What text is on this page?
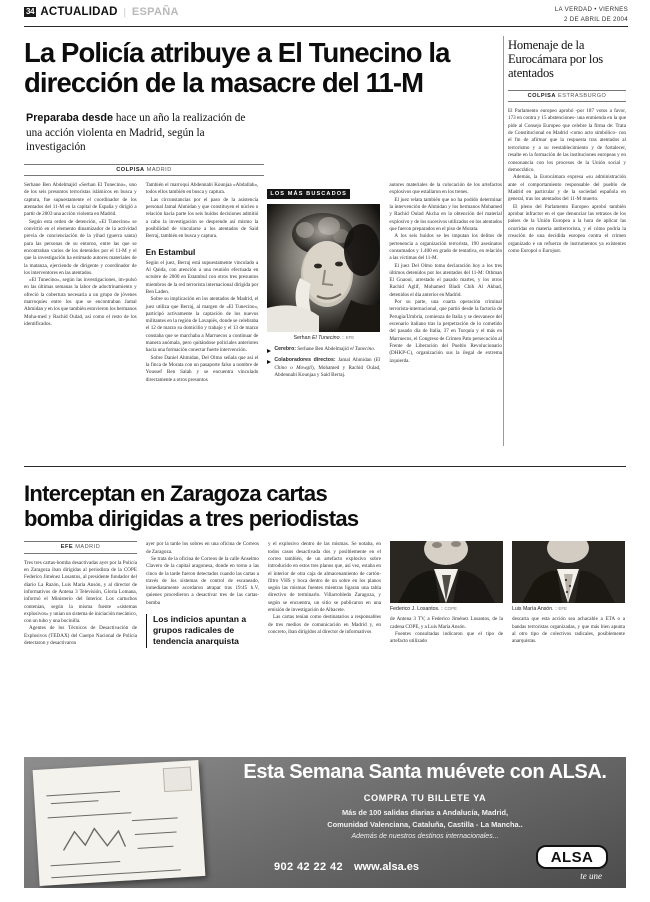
34 ACTUALIDAD | ESPAÑA	LA VERDAD • VIERNES
2 DE ABRIL DE 2004
La Policía atribuye a El Tunecino la dirección de la masacre del 11-M
Preparaba desde hace un año la realización de una acción violenta en Madrid, según la investigación
COLPISA MADRID

Serhane Ben Abdelmajid «Serhan El Tunecino», uno de los seis presuntos terroristas islámicos en busca y captura, fue supuestamente el coordinador de los atentados del 11-M en la capital de España y dirigió a partir de 2003 una acción violenta en Madrid.

Según esta orden de detención, «El Tunecino» se convirtió en el elemento dinamizador de la actividad previa de concienciación de la yihad (guerra santa) para las personas de su entorno, entre las que se encontraban varios de los detenidos por el 11-M y el que la investigación ha estimado autores materiales de la matanza, ejerciendo de dirigente y coordinador de los interventores en las atentados.

«El Tunecino», según las investigaciones, im-pulsó en las últimas semanas la labor de adoctrinamiento y ofreció la cobertura necesaria a un grupo de jóvenes marroquíes entre los que se encontraban Jamal Ahmidan y en los que también estuvieron los hermanos Moha-med y Rachid Oulad, así como el resto de los identificados.

También el marroquí Abdennabi Kounjaa «Abdallah», todos ellos también en busca y captura.

Las circunstancias por el paso de la asistencia personal Jamal Ahmidan y que constituyen el núcleo o relación hacia parte los seis huidos decisiones admitió a cabo la investigación se desprende así mismo la posibilidad de vincularse a los atentados de Said Berraj, también en busca y captura.

En Estambul

Según el juez, Berraj está supuestamente vinculado a Al Qaida, con atención a una reunión efectuada en octubre de 2000 en Estambul con otros tres presuntos miembros de la red terrorista internacional dirigida por Ben Laden.

Sobre su implicación en los atentados de Madrid, el juez utiliza que Berraj, al margen de «El Tunecino», participó activamente la captación de los nuevos militantes en la región de Lavapiés, donde se celebraba el 12 de marzo su domicilio y trabajo y el 13 de marzo constaba que se marchaba a Marruecos a continuar de manera anómala, pero quitándose policiales anteriores hacia una formación conectar fuerte intervención.

Sobre Daniel Ahmidan, Del Olmo señala que así el la finca de Morata con un pasaporte falso a nombre de Youssef Ben Salah y se encuentra vinculado directamente a otros presuntos

LOS MÁS BUSCADOS
Serhan El Tunecino. :: EFE
Cerebro: Serhane Ben Abdelmajid el Tunecino.
Colaboradores directos: Jamal Ahmidan (El Chino o Mowgli), Mohamed y Rachid Oulad, Abdennabi Kounjaa y Said Berraj.

autores materiales de la colocación de los artefactos explosivos que estallaron en los trenes.

El juez relata también que no ha podido determinar la intervención de Ahmidan y los hermanos Mohamed y Rachid Oulad Akcha en la obtención del material explosivo y de los sucesivos utilizados en los atentados que fueron preparados en el piso de Morata.

A los seis huidos se les imputan los delitos de pertenencia a organización terrorista, 190 asesinatos consumados y 1.400 en grado de tentativa, en relación a las víctimas del 11-M.

El juez Del Olmo toma declaración hoy a los tres últimos detenidos por los atentados del 11-M: Othman El Gnaoui, arrestado el pasado martes, y los otros Rachid Aglif, Mohamed Bladi Chih Al Akbad, detenidos el día anterior en Madrid.

Por su parte, una cuarta operación criminal terrorista-internacional, que partió desde la factoría de Perugia/Umbría, comienza de Italia y se desvanece del escenario italiano tras la perpetración de lo cometido del pasado día de Italia, 37 en Turquía y el más en Marruecos, el Congreso de Crimen Pato persecución al Frente de Liberación del Pueblo Revolucionario (DHKP-C), organización sus la ilegal de extrema izquierda.

Homenaje de la Eurocámara por los atentados
COLPISA ESTRASBURGO

El Parlamento europeo aprobó -por 187 votos a favor, 173 en contra y 15 abstenciones- una enmienda en la que pide al Consejo Europeo que celebre la firma de: Trata de Constitucional en Madrid -como acto simbólico- con el fin de afirmar que la respuesta tras atentados al terrorismo y a su reestablecimiento y de fortalecer, resalte en la formación de las instituciones europeas y en consonancia con los procesos de la Unión social y democrático.

Además, la Eurocámara expresa «su administración ante el comportamiento responsable del pueblo de Madrid en particular y de la sociedad española en general, tras los atentados del 11-M muerto.

El pleno del Parlamento Europeo aprobó también aprobar infractor en el que denunciar las retrasos de los países de la Unión Europea a la hora de aplicar las ocurridas en materia antiterrorista, y el cómo podría la creación de una decidida europea contra el crimen organizado e un refuerzo de instrumentos ya existentes como Europol o Eurojust.

Interceptan en Zaragoza cartas bomba dirigidas a tres periodistas
EFE MADRID

Tres tres cartas-bomba desactivadas ayer por la Policía en Zaragoza iban dirigidas al periodista de la COPE Federico Jiménez Losantos, al presidente fundador del diario La Razón, Luis María Ansón, y al director de informativos de Antena 3 Televisión, Gloria Lomana, informó el Ministerio del Interior. Los cartuchos contenían, según la misma fuente «sistemas explosivos» y unían un sistema de iniciación mecánico, con un tubo y una bocinilla.

Agentes de los Técnicos de Desactivación de Explosivos (TEDAX) del Cuerpo Nacional de Policía detectaron y desactivaron

ayer por la tarde los sobres en una oficina de Correos de Zaragoza.

Se trata de la oficina de Correos de la calle Anselmo Clavero de la capital aragonesa, donde en torno a las cinco de la tarde fueron detectados cuando las cartas a través de los sistemas de control de escaneado, inmediatamente acordaron atrapar tras 19:45 h.V, quienes procedieron a desactivar tres de las cartas-bomba

Los indicios apuntan a grupos radicales de tendencia anarquista

y el explosivo dentro de las mismas. Se notaba, en todos casos desactivada dos y posiblemente en el correo también, de un artefacto explosivo sobre introducido en estos tres planos que, así vez, estaba en el interior de otra caja de almacenamiento de cartón-filtro VHS y boca dentro de un sobre en los planos según las mismas fuentes mientras ligaran una tabla directivo de terminarlo. Villarrobledo Zaragoza, y según se encuentra, un sitio se publicaron en una emisión de investigación de Albacete.

Las cartas tenían como destinatarios a responsables de tres medios de comunicación en Madrid y, en concreto, iban dirigidos al director de informativos

Federico J. Losantos. :: COPE

de Antena 3 TV, a Federico Jiménez Losantos, de la cadena COPE, y a Luis María Ansón.

Fuentes consultadas indicaron que el tipo de artefacto utilizado

Luis María Ansón. :: EFE

descarta que esta acción sea achacable a ETA o a bandas terroristas organizadas, y que más bien apunta al otro tipo de colectivos radicales, posiblemente anarquistas.

Esta Semana Santa muévete con ALSA.
COMPRA TU BILLETE YA
Más de 100 salidas diarias a Andalucía, Madrid,
Comunidad Valenciana, Cataluña, Castilla - La Mancha..
Además de nuestros destinos internacionales...
902 42 22 42 www.alsa.es
ALSA
te une
